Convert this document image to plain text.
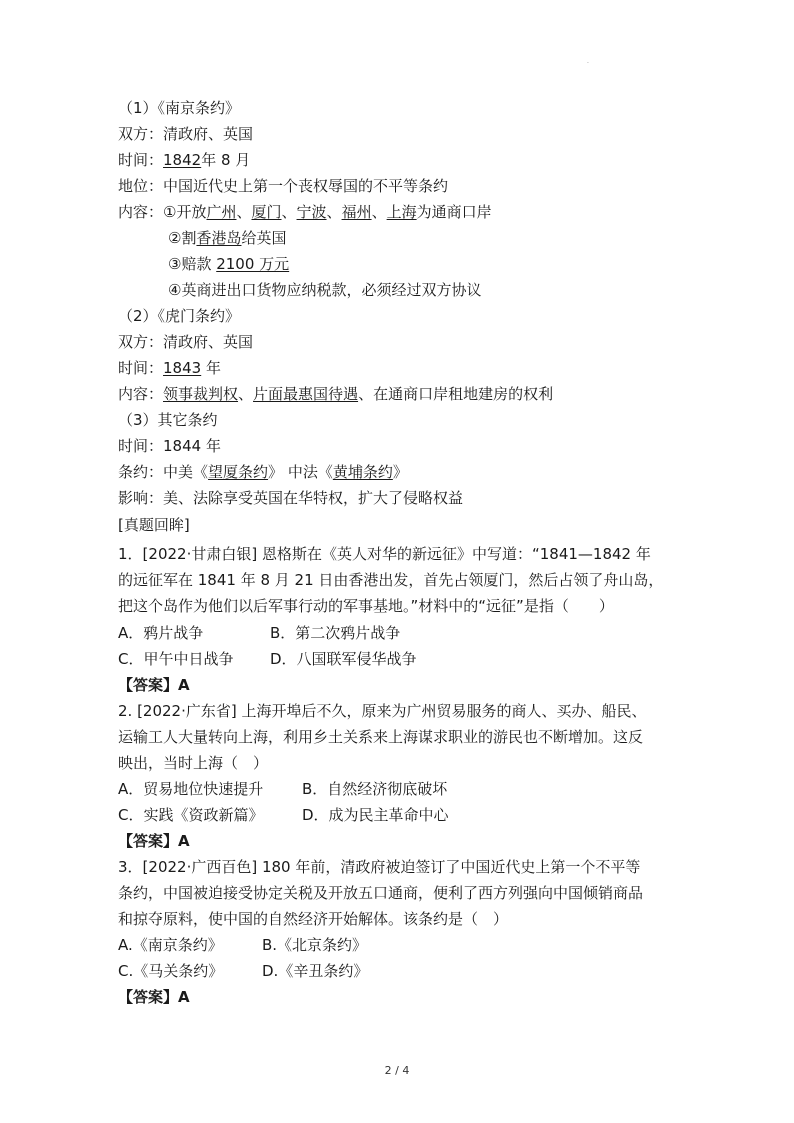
.
（1）《南京条约》
双方：清政府、英国
时间：1842年 8 月
地位：中国近代史上第一个丧权辱国的不平等条约
内容：①开放广州、厦门、宁波、福州、上海为通商口岸
②割香港岛给英国
③赔款 2100 万元
④英商进出口货物应纳税款，必须经过双方协议
（2）《虎门条约》
双方：清政府、英国
时间：1843 年
内容：领事裁判权、片面最惠国待遇、在通商口岸租地建房的权利
（3）其它条约
时间：1844 年
条约：中美《望厦条约》 中法《黄埔条约》
影响：美、法除享受英国在华特权，扩大了侵略权益
[真题回眸]
1．[2022·甘肃白银] 恩格斯在《英人对华的新远征》中写道：“1841—1842 年
的远征军在 1841 年 8 月 21 日由香港出发，首先占领厦门，然后占领了舟山岛，
把这个岛作为他们以后军事行动的军事基地。”材料中的“远征”是指（　　）
A．鸦片战争	B．第二次鸦片战争
C．甲午中日战争 D．八国联军侵华战争
【答案】A
2. [2022·广东省] 上海开埠后不久，原来为广州贸易服务的商人、买办、船民、
运输工人大量转向上海，利用乡土关系来上海谋求职业的游民也不断增加。这反
映出，当时上海（　）
A．贸易地位快速提升	B．自然经济彻底破坏
C．实践《资政新篇》	D．成为民主革命中心
【答案】A
3．[2022·广西百色] 180 年前，清政府被迫签订了中国近代史上第一个不平等
条约，中国被迫接受协定关税及开放五口通商，便利了西方列强向中国倾销商品
和掠夺原料，使中国的自然经济开始解体。该条约是（　）
A.《南京条约》	B.《北京条约》
C.《马关条约》	D.《辛丑条约》
【答案】A
2 / 4
